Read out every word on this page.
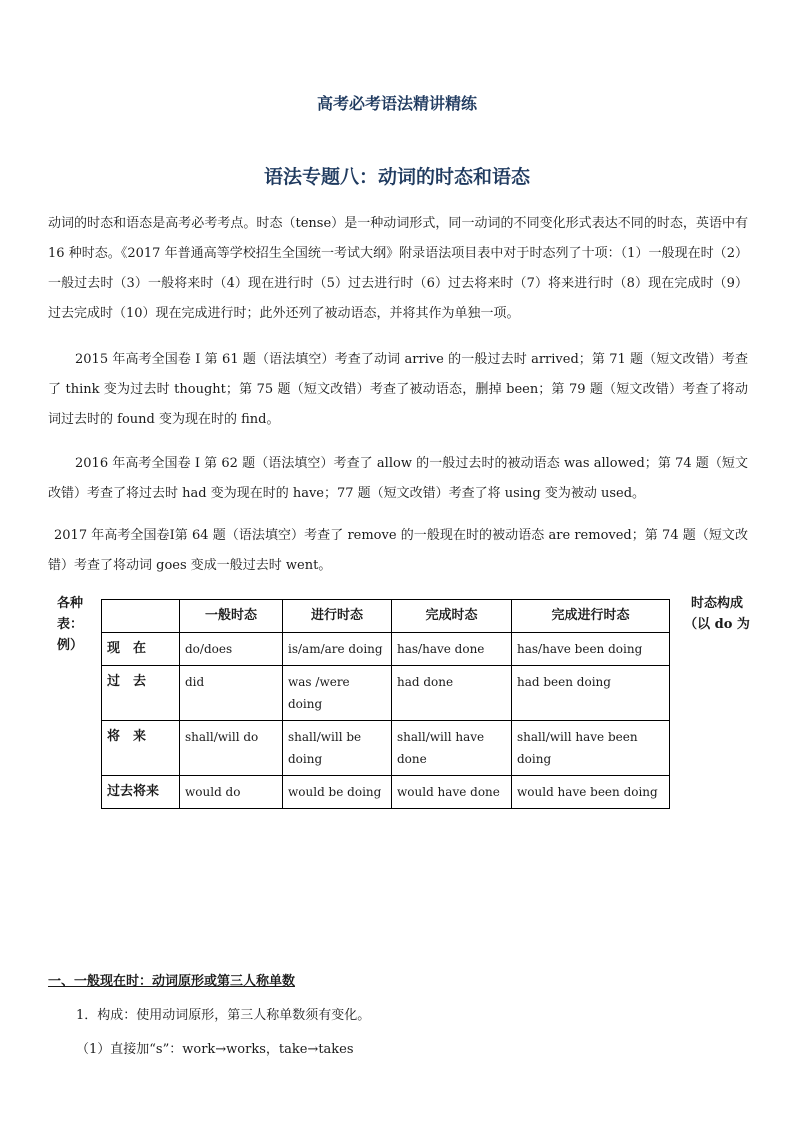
高考必考语法精讲精练
语法专题八：动词的时态和语态
动词的时态和语态是高考必考考点。时态（tense）是一种动词形式，同一动词的不同变化形式表达不同的时态，英语中有 16 种时态。《2017 年普通高等学校招生全国统一考试大纲》附录语法项目表中对于时态列了十项：（1）一般现在时（2）一般过去时（3）一般将来时（4）现在进行时（5）过去进行时（6）过去将来时（7）将来进行时（8）现在完成时（9）过去完成时（10）现在完成进行时；此外还列了被动语态，并将其作为单独一项。
2015 年高考全国卷 I 第 61 题（语法填空）考查了动词 arrive 的一般过去时 arrived；第 71 题（短文改错）考查了 think 变为过去时 thought；第 75 题（短文改错）考查了被动语态，删掉 been；第 79 题（短文改错）考查了将动词过去时的 found 变为现在时的 find。
2016 年高考全国卷 I 第 62 题（语法填空）考查了 allow 的一般过去时的被动语态 was allowed；第 74 题（短文改错）考查了将过去时 had 变为现在时的 have；77 题（短文改错）考查了将 using 变为被动 used。
2017 年高考全国卷Ⅰ第 64 题（语法填空）考查了 remove 的一般现在时的被动语态 are removed；第 74 题（短文改错）考查了将动词 goes 变成一般过去时 went。
各种表：例）
时态构成（以 do 为
	一般时态	进行时态	完成时态	完成进行时态
现　在	do/does	is/am/are doing	has/have done	has/have been doing
过　去	did	was /were doing	had done	had been doing
将　来	shall/will do	shall/will be doing	shall/will have done	shall/will have been doing
过去将来	would do	would be doing	would have done	would have been doing
一、一般现在时：动词原形或第三人称单数
1．构成：使用动词原形，第三人称单数须有变化。
（1）直接加“s”：work→works，take→takes
